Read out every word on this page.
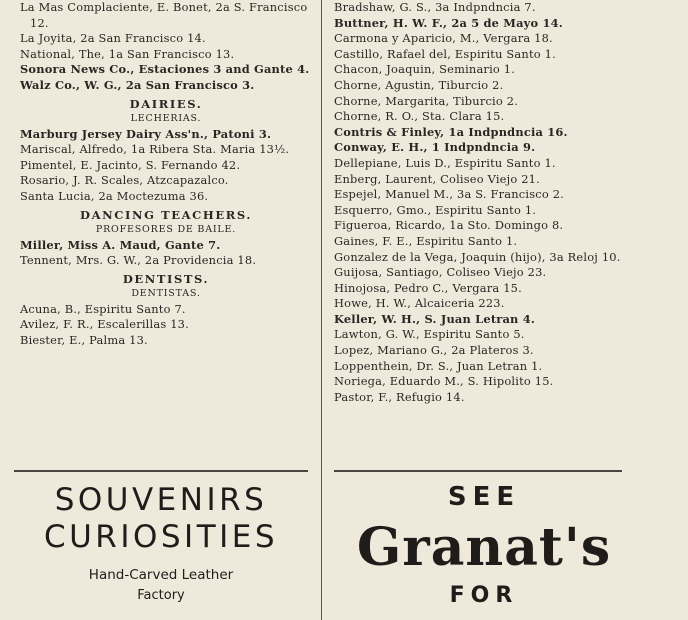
La Mas Complaciente, E. Bonet, 2a S. Francisco 12.

La Joyita, 2a San Francisco 14.

National, The, 1a San Francisco 13.

Sonora News Co., Estaciones 3 and Gante 4.

Walz Co., W. G., 2a San Francisco 3.

DAIRIES.
LECHERIAS.

Marburg Jersey Dairy Ass'n., Patoni 3.

Mariscal, Alfredo, 1a Ribera Sta. Maria 13½.

Pimentel, E. Jacinto, S. Fernando 42.

Rosario, J. R. Scales, Atzcapazalco.

Santa Lucia, 2a Moctezuma 36.

DANCING TEACHERS.
PROFESORES DE BAILE.

Miller, Miss A. Maud, Gante 7.

Tennent, Mrs. G. W., 2a Providencia 18.

DENTISTS.
DENTISTAS.

Acuna, B., Espiritu Santo 7.

Avilez, F. R., Escalerillas 13.

Biester, E., Palma 13.

Bradshaw, G. S., 3a Indpndncia 7.

Buttner, H. W. F., 2a 5 de Mayo 14.

Carmona y Aparicio, M., Vergara 18.

Castillo, Rafael del, Espiritu Santo 1.

Chacon, Joaquin, Seminario 1.

Chorne, Agustin, Tiburcio 2.

Chorne, Margarita, Tiburcio 2.

Chorne, R. O., Sta. Clara 15.

Contris & Finley, 1a Indpndncia 16.

Conway, E. H., 1 Indpndncia 9.

Dellepiane, Luis D., Espiritu Santo 1.

Enberg, Laurent, Coliseo Viejo 21.

Espejel, Manuel M., 3a S. Francisco 2.

Esquerro, Gmo., Espiritu Santo 1.

Figueroa, Ricardo, 1a Sto. Domingo 8.

Gaines, F. E., Espiritu Santo 1.

Gonzalez de la Vega, Joaquin (hijo), 3a Reloj 10.

Guijosa, Santiago, Coliseo Viejo 23.

Hinojosa, Pedro C., Vergara 15.

Howe, H. W., Alcaiceria 223.

Keller, W. H., S. Juan Letran 4.

Lawton, G. W., Espiritu Santo 5.

Lopez, Mariano G., 2a Plateros 3.

Loppenthein, Dr. S., Juan Letran 1.

Noriega, Eduardo M., S. Hipolito 15.

Pastor, F., Refugio 14.

SOUVENIRS
CURIOSITIES
Hand-Carved Leather
Factory
SEE
Granat's
FOR
